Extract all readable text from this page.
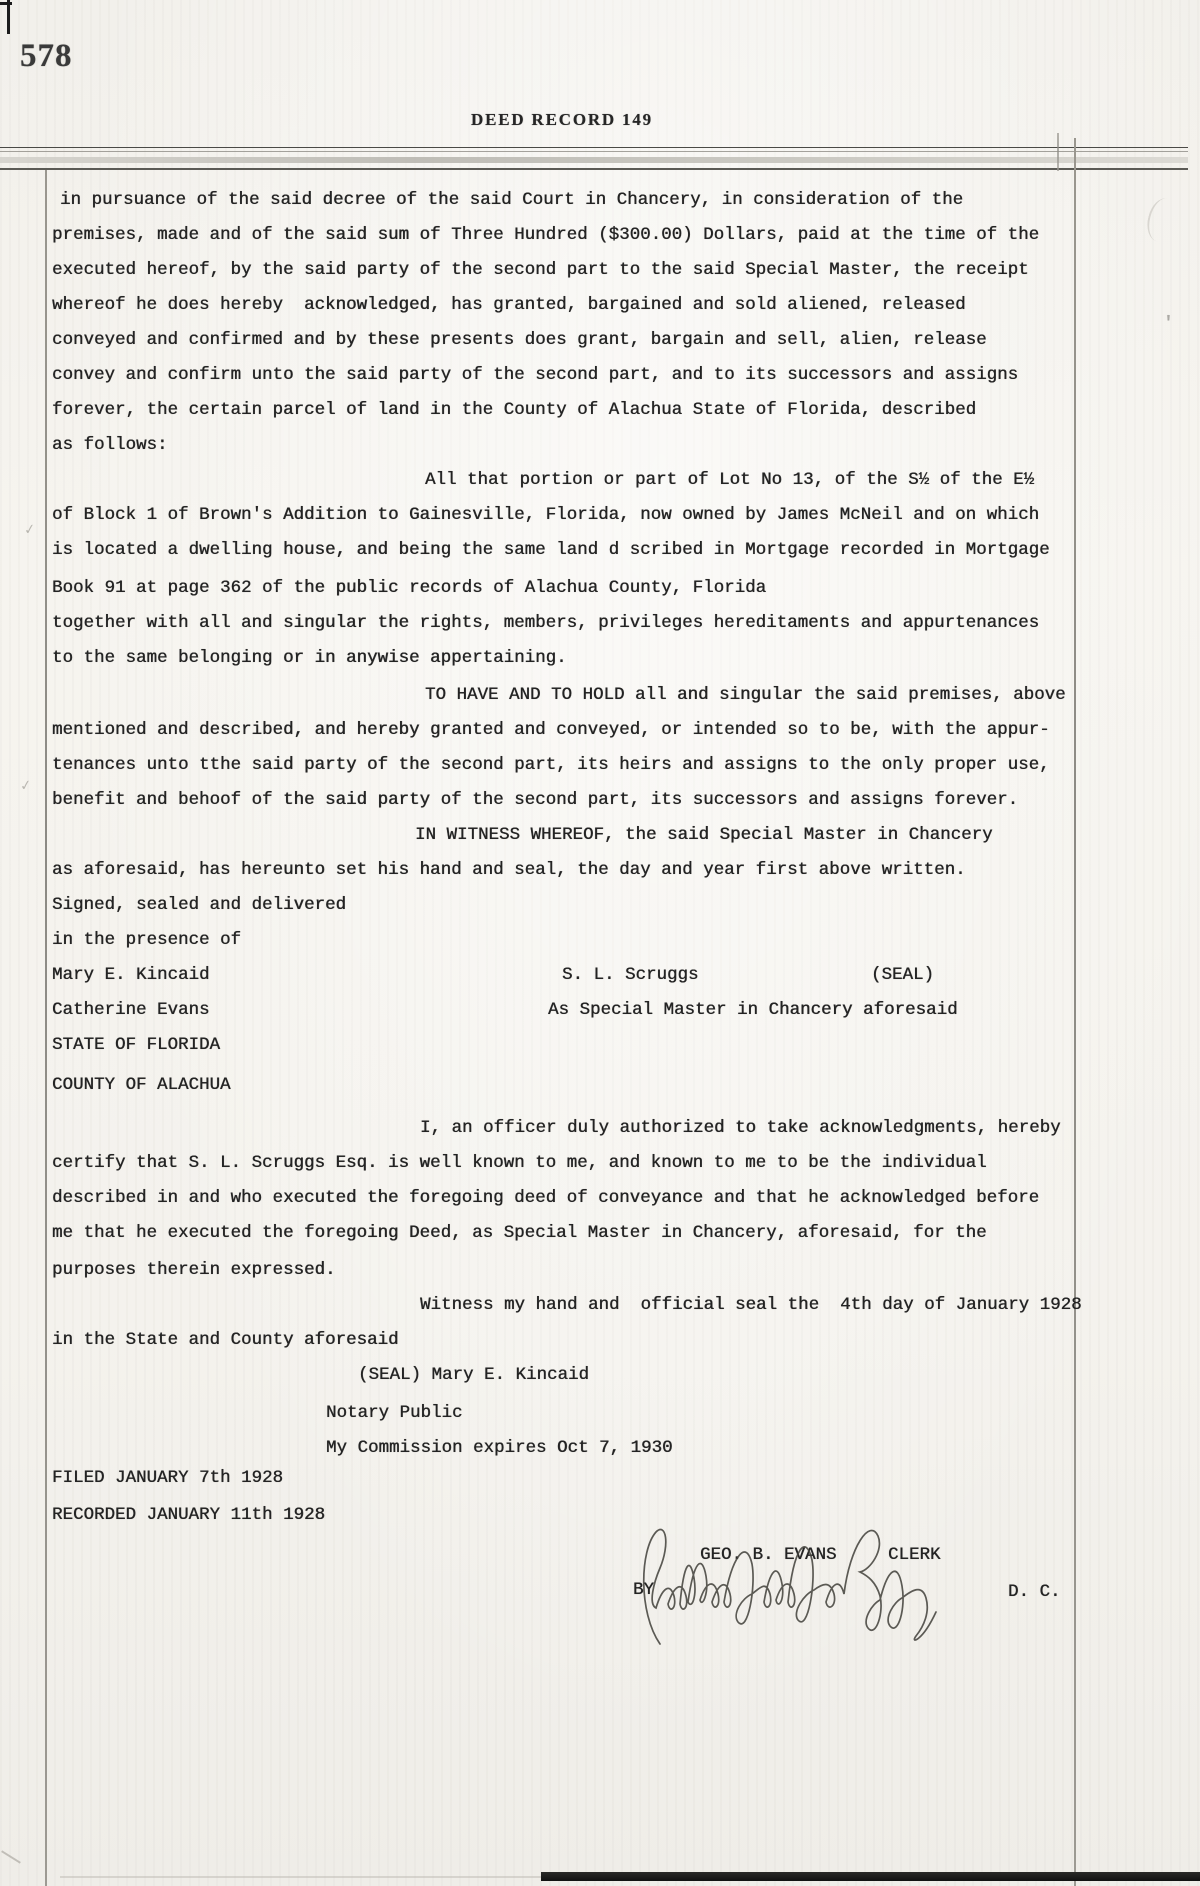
578
DEED RECORD 149
in pursuance of the said decree of the said Court in Chancery, in consideration of the
premises, made and of the said sum of Three Hundred ($300.00) Dollars, paid at the time of the
executed hereof, by the said party of the second part to the said Special Master, the receipt
whereof he does hereby  acknowledged, has granted, bargained and sold aliened, released
conveyed and confirmed and by these presents does grant, bargain and sell, alien, release
convey and confirm unto the said party of the second part, and to its successors and assigns
forever, the certain parcel of land in the County of Alachua State of Florida, described
as follows:
All that portion or part of Lot No 13, of the S½ of the E½
of Block 1 of Brown's Addition to Gainesville, Florida, now owned by James McNeil and on which
is located a dwelling house, and being the same land d scribed in Mortgage recorded in Mortgage
Book 91 at page 362 of the public records of Alachua County, Florida
together with all and singular the rights, members, privileges hereditaments and appurtenances
to the same belonging or in anywise appertaining.
TO HAVE AND TO HOLD all and singular the said premises, above
mentioned and described, and hereby granted and conveyed, or intended so to be, with the appur-
tenances unto tthe said party of the second part, its heirs and assigns to the only proper use,
benefit and behoof of the said party of the second part, its successors and assigns forever.
IN WITNESS WHEREOF, the said Special Master in Chancery
as aforesaid, has hereunto set his hand and seal, the day and year first above written.
Signed, sealed and delivered
in the presence of
Mary E. Kincaid	S. L. Scruggs	(SEAL)
Catherine Evans	As Special Master in Chancery aforesaid
STATE OF FLORIDA
COUNTY OF ALACHUA
I, an officer duly authorized to take acknowledgments, hereby
certify that S. L. Scruggs Esq. is well known to me, and known to me to be the individual
described in and who executed the foregoing deed of conveyance and that he acknowledged before
me that he executed the foregoing Deed, as Special Master in Chancery, aforesaid, for the
purposes therein expressed.
Witness my hand and  official seal the  4th day of January 1928
in the State and County aforesaid
(SEAL) Mary E. Kincaid
Notary Public
My Commission expires Oct 7, 1930
FILED JANUARY 7th 1928
RECORDED JANUARY 11th 1928
GEO. B. EVANS	CLERK
BY	D. C.
'
✓
✓
